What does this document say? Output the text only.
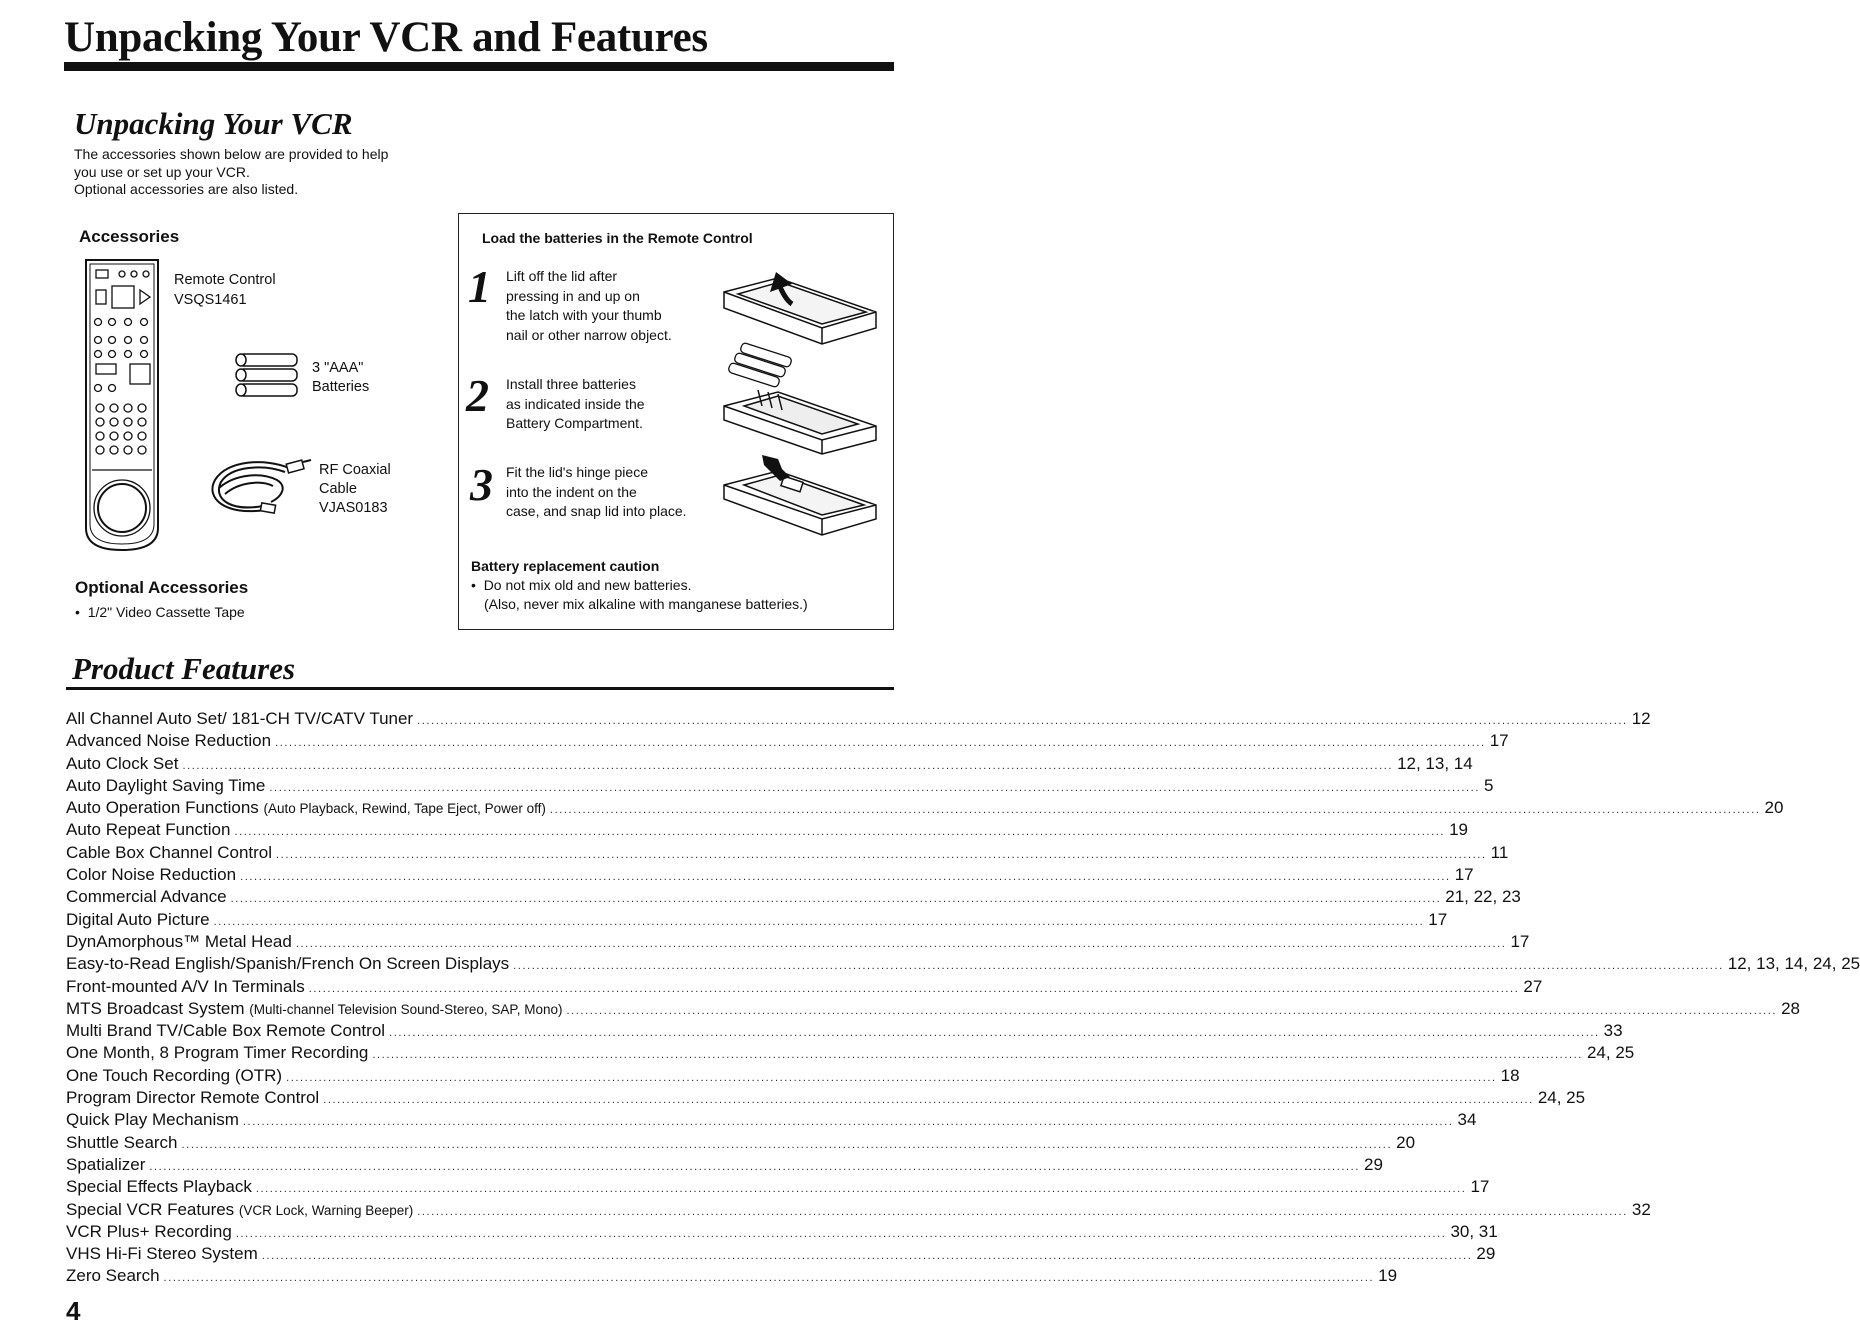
Unpacking Your VCR and Features
Unpacking Your VCR
The accessories shown below are provided to help
you use or set up your VCR.
Optional accessories are also listed.
Accessories
Remote Control
VSQS1461
3 "AAA"
Batteries
RF Coaxial
Cable
VJAS0183
Optional Accessories
•  1/2" Video Cassette Tape
Load the batteries in the Remote Control
1 Lift off the lid after
pressing in and up on
the latch with your thumb
nail or other narrow object.
2 Install three batteries
as indicated inside the
Battery Compartment.
3 Fit the lid's hinge piece
into the indent on the
case, and snap lid into place.
Battery replacement caution
•  Do not mix old and new batteries.
(Also, never mix alkaline with manganese batteries.)
Product Features
All Channel Auto Set/ 181-CH TV/CATV Tuner .................................................................................................................................................................................................................................................................... 12
Advanced Noise Reduction .................................................................................................................................................................................................................................................................... 17
Auto Clock Set .................................................................................................................................................................................................................................................................... 12, 13, 14
Auto Daylight Saving Time .................................................................................................................................................................................................................................................................... 5
Auto Operation Functions (Auto Playback, Rewind, Tape Eject, Power off) .................................................................................................................................................................................................................................................................... 20
Auto Repeat Function .................................................................................................................................................................................................................................................................... 19
Cable Box Channel Control .................................................................................................................................................................................................................................................................... 11
Color Noise Reduction .................................................................................................................................................................................................................................................................... 17
Commercial Advance .................................................................................................................................................................................................................................................................... 21, 22, 23
Digital Auto Picture .................................................................................................................................................................................................................................................................... 17
DynAmorphous™ Metal Head .................................................................................................................................................................................................................................................................... 17
Easy-to-Read English/Spanish/French On Screen Displays .................................................................................................................................................................................................................................................................... 12, 13, 14, 24, 25
Front-mounted A/V In Terminals .................................................................................................................................................................................................................................................................... 27
MTS Broadcast System (Multi-channel Television Sound-Stereo, SAP, Mono) .................................................................................................................................................................................................................................................................... 28
Multi Brand TV/Cable Box Remote Control .................................................................................................................................................................................................................................................................... 33
One Month, 8 Program Timer Recording .................................................................................................................................................................................................................................................................... 24, 25
One Touch Recording (OTR) .................................................................................................................................................................................................................................................................... 18
Program Director Remote Control .................................................................................................................................................................................................................................................................... 24, 25
Quick Play Mechanism .................................................................................................................................................................................................................................................................... 34
Shuttle Search .................................................................................................................................................................................................................................................................... 20
Spatializer .................................................................................................................................................................................................................................................................... 29
Special Effects Playback .................................................................................................................................................................................................................................................................... 17
Special VCR Features (VCR Lock, Warning Beeper) .................................................................................................................................................................................................................................................................... 32
VCR Plus+ Recording .................................................................................................................................................................................................................................................................... 30, 31
VHS Hi-Fi Stereo System .................................................................................................................................................................................................................................................................... 29
Zero Search .................................................................................................................................................................................................................................................................... 19
4
